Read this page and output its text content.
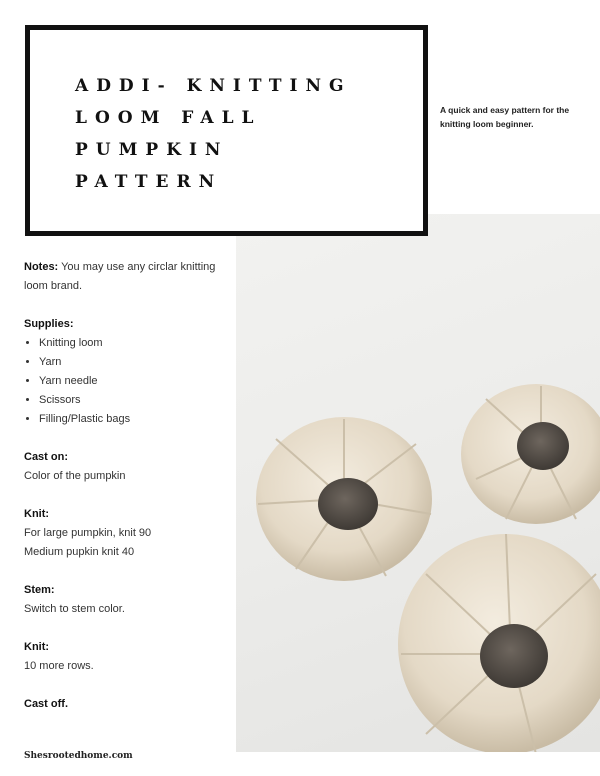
ADDI- KNITTING
LOOM FALL
PUMPKIN
PATTERN
A quick and easy pattern for the knitting loom beginner.

Notes: You may use any circlar knitting loom brand.

Supplies:
• Knitting loom
• Yarn
• Yarn needle
• Scissors
• Filling/Plastic bags

Cast on:
Color of the pumpkin

Knit:
For large pumpkin, knit 90
Medium pupkin knit 40

Stem:
Switch to stem color.

Knit:
10 more rows.

Cast off.

Shesrootedhome.com
